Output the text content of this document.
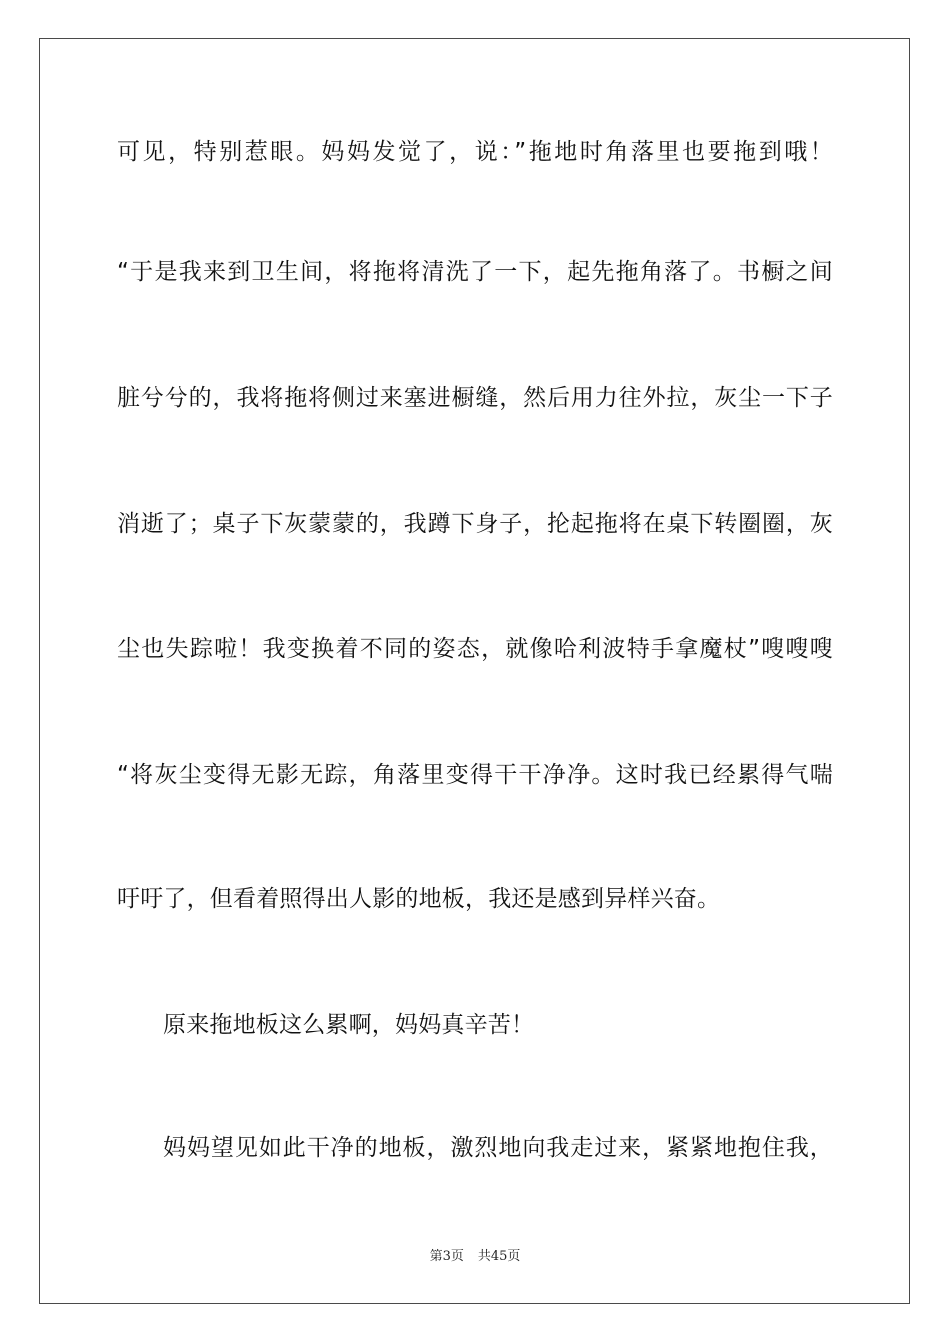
可见，特别惹眼。妈妈发觉了，说：”拖地时角落里也要拖到哦！
“于是我来到卫生间，将拖将清洗了一下，起先拖角落了。书橱之间
脏兮兮的，我将拖将侧过来塞进橱缝，然后用力往外拉，灰尘一下子
消逝了；桌子下灰蒙蒙的，我蹲下身子，抡起拖将在桌下转圈圈，灰
尘也失踪啦！我变换着不同的姿态，就像哈利波特手拿魔杖”嗖嗖嗖
“将灰尘变得无影无踪，角落里变得干干净净。这时我已经累得气喘
吁吁了，但看着照得出人影的地板，我还是感到异样兴奋。
原来拖地板这么累啊，妈妈真辛苦！
妈妈望见如此干净的地板，激烈地向我走过来，紧紧地抱住我，
第3页 共45页
